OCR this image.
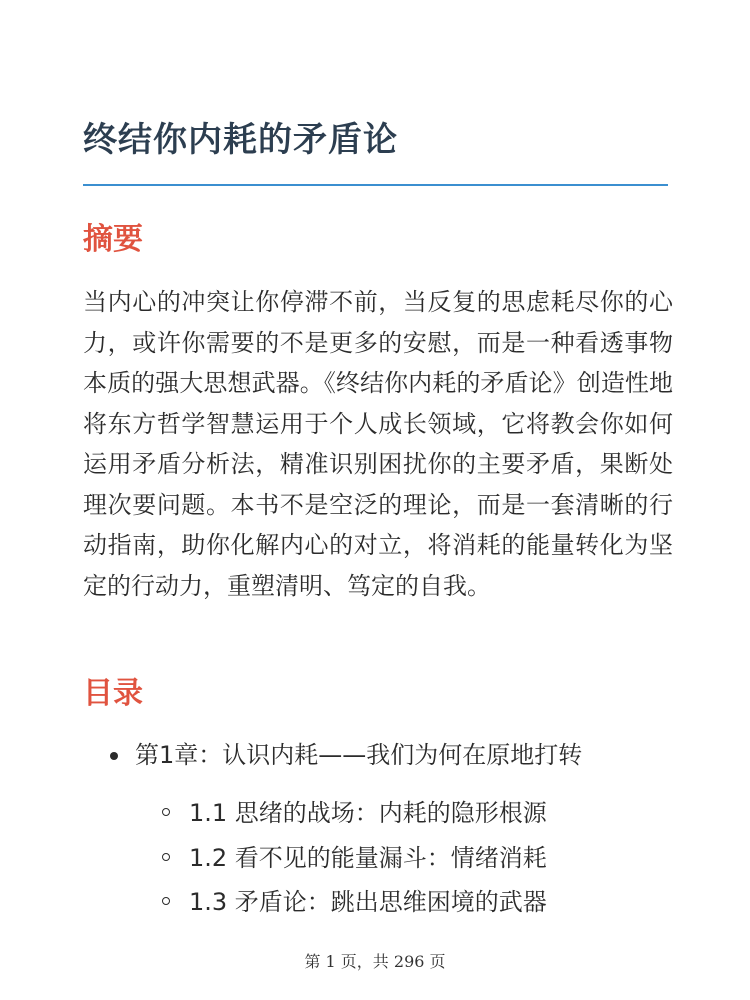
终结你内耗的矛盾论
摘要

当内心的冲突让你停滞不前，当反复的思虑耗尽你的心力，或许你需要的不是更多的安慰，而是一种看透事物本质的强大思想武器。《终结你内耗的矛盾论》创造性地将东方哲学智慧运用于个人成长领域，它将教会你如何运用矛盾分析法，精准识别困扰你的主要矛盾，果断处理次要问题。本书不是空泛的理论，而是一套清晰的行动指南，助你化解内心的对立，将消耗的能量转化为坚定的行动力，重塑清明、笃定的自我。

目录
第1章：认识内耗——我们为何在原地打转
1.1 思绪的战场：内耗的隐形根源
1.2 看不见的能量漏斗：情绪消耗
1.3 矛盾论：跳出思维困境的武器
第 1 页，共 296 页
